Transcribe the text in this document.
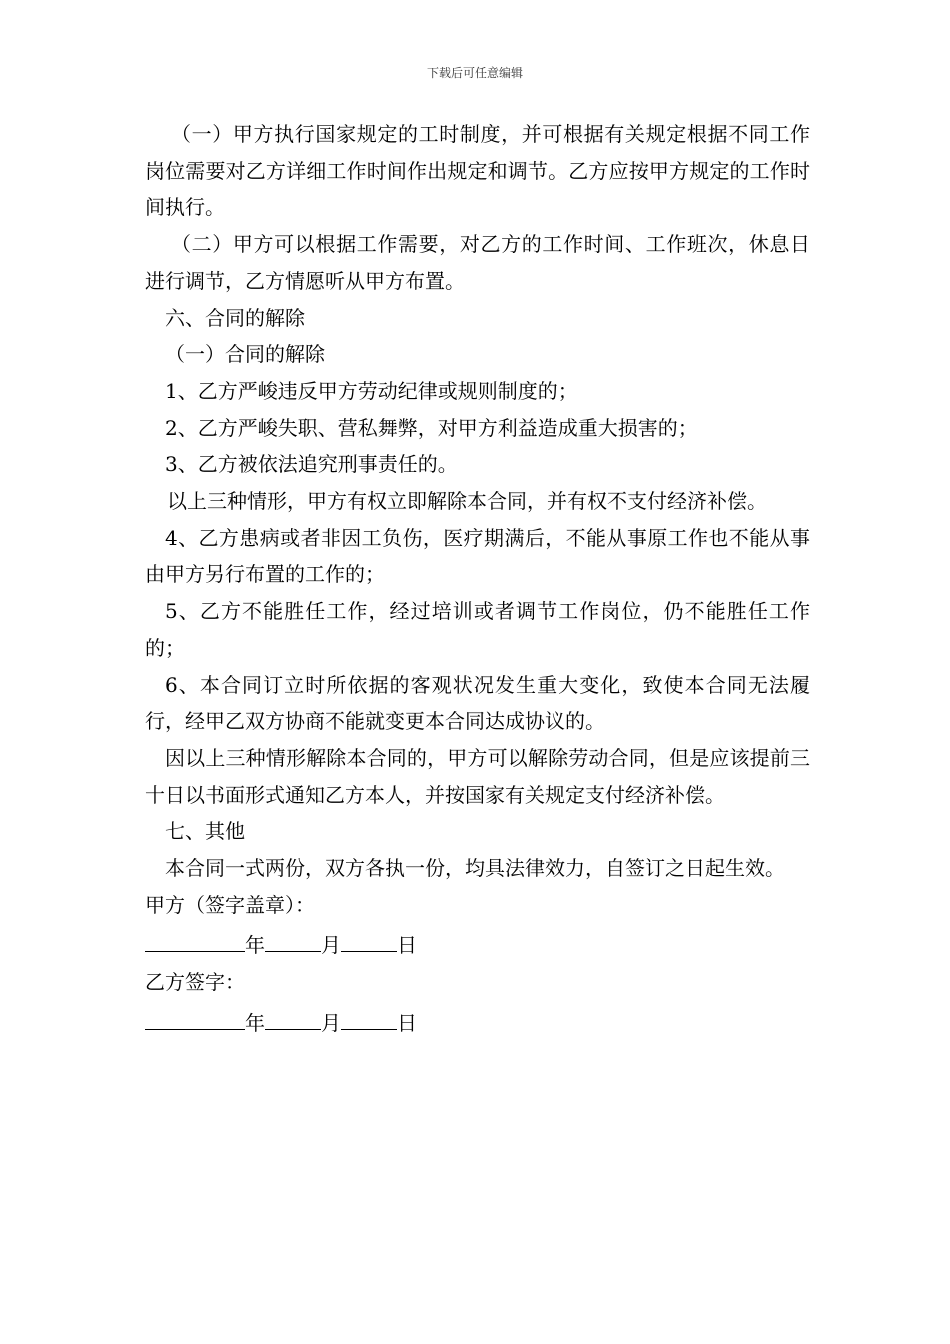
下载后可任意编辑

（一）甲方执行国家规定的工时制度，并可根据有关规定根据不同工作岗位需要对乙方详细工作时间作出规定和调节。乙方应按甲方规定的工作时间执行。

（二）甲方可以根据工作需要，对乙方的工作时间、工作班次，休息日进行调节，乙方情愿听从甲方布置。

六、合同的解除

（一）合同的解除

1、乙方严峻违反甲方劳动纪律或规则制度的；

2、乙方严峻失职、营私舞弊，对甲方利益造成重大损害的；

3、乙方被依法追究刑事责任的。

以上三种情形，甲方有权立即解除本合同，并有权不支付经济补偿。

4、乙方患病或者非因工负伤，医疗期满后，不能从事原工作也不能从事由甲方另行布置的工作的；

5、乙方不能胜任工作，经过培训或者调节工作岗位，仍不能胜任工作的；

6、本合同订立时所依据的客观状况发生重大变化，致使本合同无法履行，经甲乙双方协商不能就变更本合同达成协议的。

因以上三种情形解除本合同的，甲方可以解除劳动合同，但是应该提前三十日以书面形式通知乙方本人，并按国家有关规定支付经济补偿。

七、其他

本合同一式两份，双方各执一份，均具法律效力，自签订之日起生效。

甲方（签字盖章）：

年	月	日

乙方签字：

年	月	日
